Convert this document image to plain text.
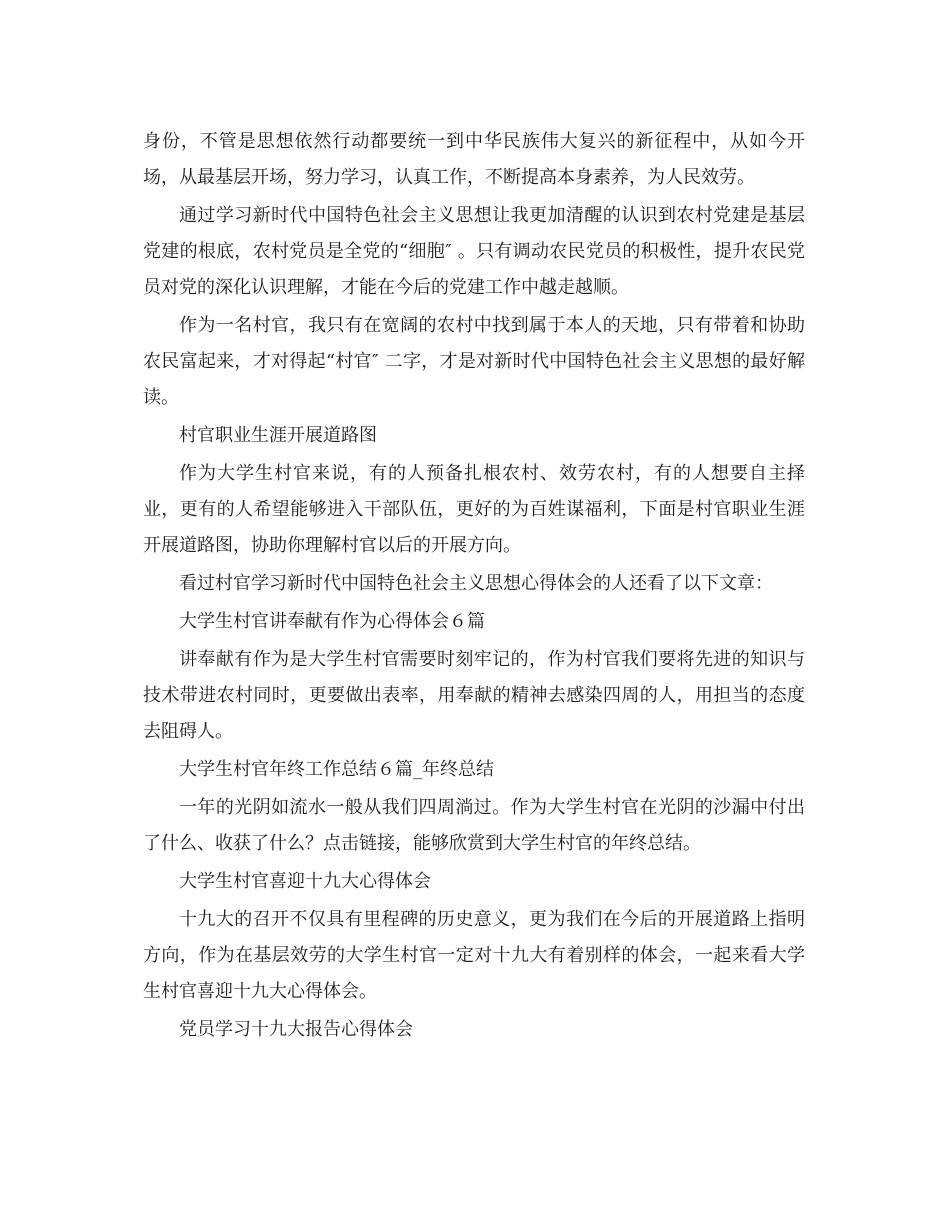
身份，不管是思想依然行动都要统一到中华民族伟大复兴的新征程中，从如今开场，从最基层开场，努力学习，认真工作，不断提高本身素养，为人民效劳。

通过学习新时代中国特色社会主义思想让我更加清醒的认识到农村党建是基层党建的根底，农村党员是全党的“细胞″ 。只有调动农民党员的积极性，提升农民党员对党的深化认识理解，才能在今后的党建工作中越走越顺。

作为一名村官，我只有在宽阔的农村中找到属于本人的天地，只有带着和协助农民富起来，才对得起“村官″ 二字，才是对新时代中国特色社会主义思想的最好解读。

村官职业生涯开展道路图

作为大学生村官来说，有的人预备扎根农村、效劳农村，有的人想要自主择业，更有的人希望能够进入干部队伍，更好的为百姓谋福利，下面是村官职业生涯开展道路图，协助你理解村官以后的开展方向。

看过村官学习新时代中国特色社会主义思想心得体会的人还看了以下文章：

大学生村官讲奉献有作为心得体会６篇

讲奉献有作为是大学生村官需要时刻牢记的，作为村官我们要将先进的知识与技术带进农村同时，更要做出表率，用奉献的精神去感染四周的人，用担当的态度去阻碍人。

大学生村官年终工作总结６篇_年终总结

一年的光阴如流水一般从我们四周淌过。作为大学生村官在光阴的沙漏中付出了什么、收获了什么？点击链接，能够欣赏到大学生村官的年终总结。

大学生村官喜迎十九大心得体会

十九大的召开不仅具有里程碑的历史意义，更为我们在今后的开展道路上指明方向，作为在基层效劳的大学生村官一定对十九大有着别样的体会，一起来看大学生村官喜迎十九大心得体会。

党员学习十九大报告心得体会
